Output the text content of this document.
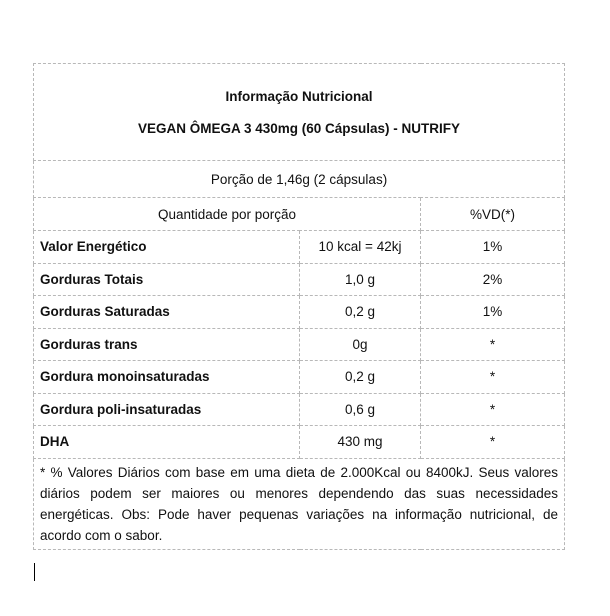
Informação Nutricional
VEGAN ÔMEGA 3 430mg (60 Cápsulas) - NUTRIFY		

Porção de 1,46g (2 cápsulas)		
Quantidade por porção		%VD(*)
Valor Energético	10 kcal = 42kj	1%
Gorduras Totais	1,0 g	2%
Gorduras Saturadas	0,2 g	1%
Gorduras trans	0g	*
Gordura monoinsaturadas	0,2 g	*
Gordura poli-insaturadas	0,6 g	*
DHA	430 mg	*
* % Valores Diários com base em uma dieta de 2.000Kcal ou 8400kJ. Seus valores diários podem ser maiores ou menores dependendo das suas necessidades energéticas. Obs: Pode haver pequenas variações na informação nutricional, de acordo com o sabor.		
